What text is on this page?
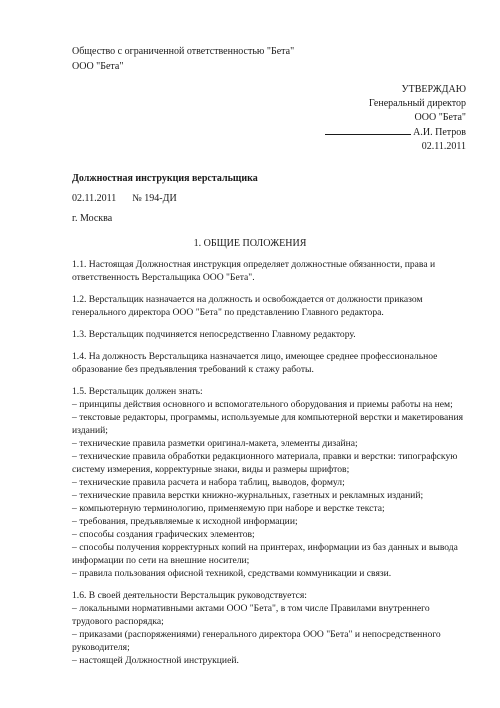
Общество с ограниченной ответственностью "Бета"
ООО "Бета"
УТВЕРЖДАЮ
Генеральный директор
ООО "Бета"
А.И. Петров
02.11.2011
Должностная инструкция верстальщика
02.11.2011 № 194-ДИ
г. Москва
1. ОБЩИЕ ПОЛОЖЕНИЯ

1.1. Настоящая Должностная инструкция определяет должностные обязанности, права и ответственность Верстальщика ООО "Бета".

1.2. Верстальщик назначается на должность и освобождается от должности приказом генерального директора ООО "Бета" по представлению Главного редактора.

1.3. Верстальщик подчиняется непосредственно Главному редактору.

1.4. На должность Верстальщика назначается лицо, имеющее среднее профессиональное образование без предъявления требований к стажу работы.

1.5. Верстальщик должен знать:
– принципы действия основного и вспомогательного оборудования и приемы работы на нем;
– текстовые редакторы, программы, используемые для компьютерной верстки и макетирования изданий;
– технические правила разметки оригинал-макета, элементы дизайна;
– технические правила обработки редакционного материала, правки и верстки: типографскую систему измерения, корректурные знаки, виды и размеры шрифтов;
– технические правила расчета и набора таблиц, выводов, формул;
– технические правила верстки книжно-журнальных, газетных и рекламных изданий;
– компьютерную терминологию, применяемую при наборе и верстке текста;
– требования, предъявляемые к исходной информации;
– способы создания графических элементов;
– способы получения корректурных копий на принтерах, информации из баз данных и вывода информации по сети на внешние носители;
– правила пользования офисной техникой, средствами коммуникации и связи.

1.6. В своей деятельности Верстальщик руководствуется:
– локальными нормативными актами ООО "Бета", в том числе Правилами внутреннего трудового распорядка;
– приказами (распоряжениями) генерального директора ООО "Бета" и непосредственного руководителя;
– настоящей Должностной инструкцией.
